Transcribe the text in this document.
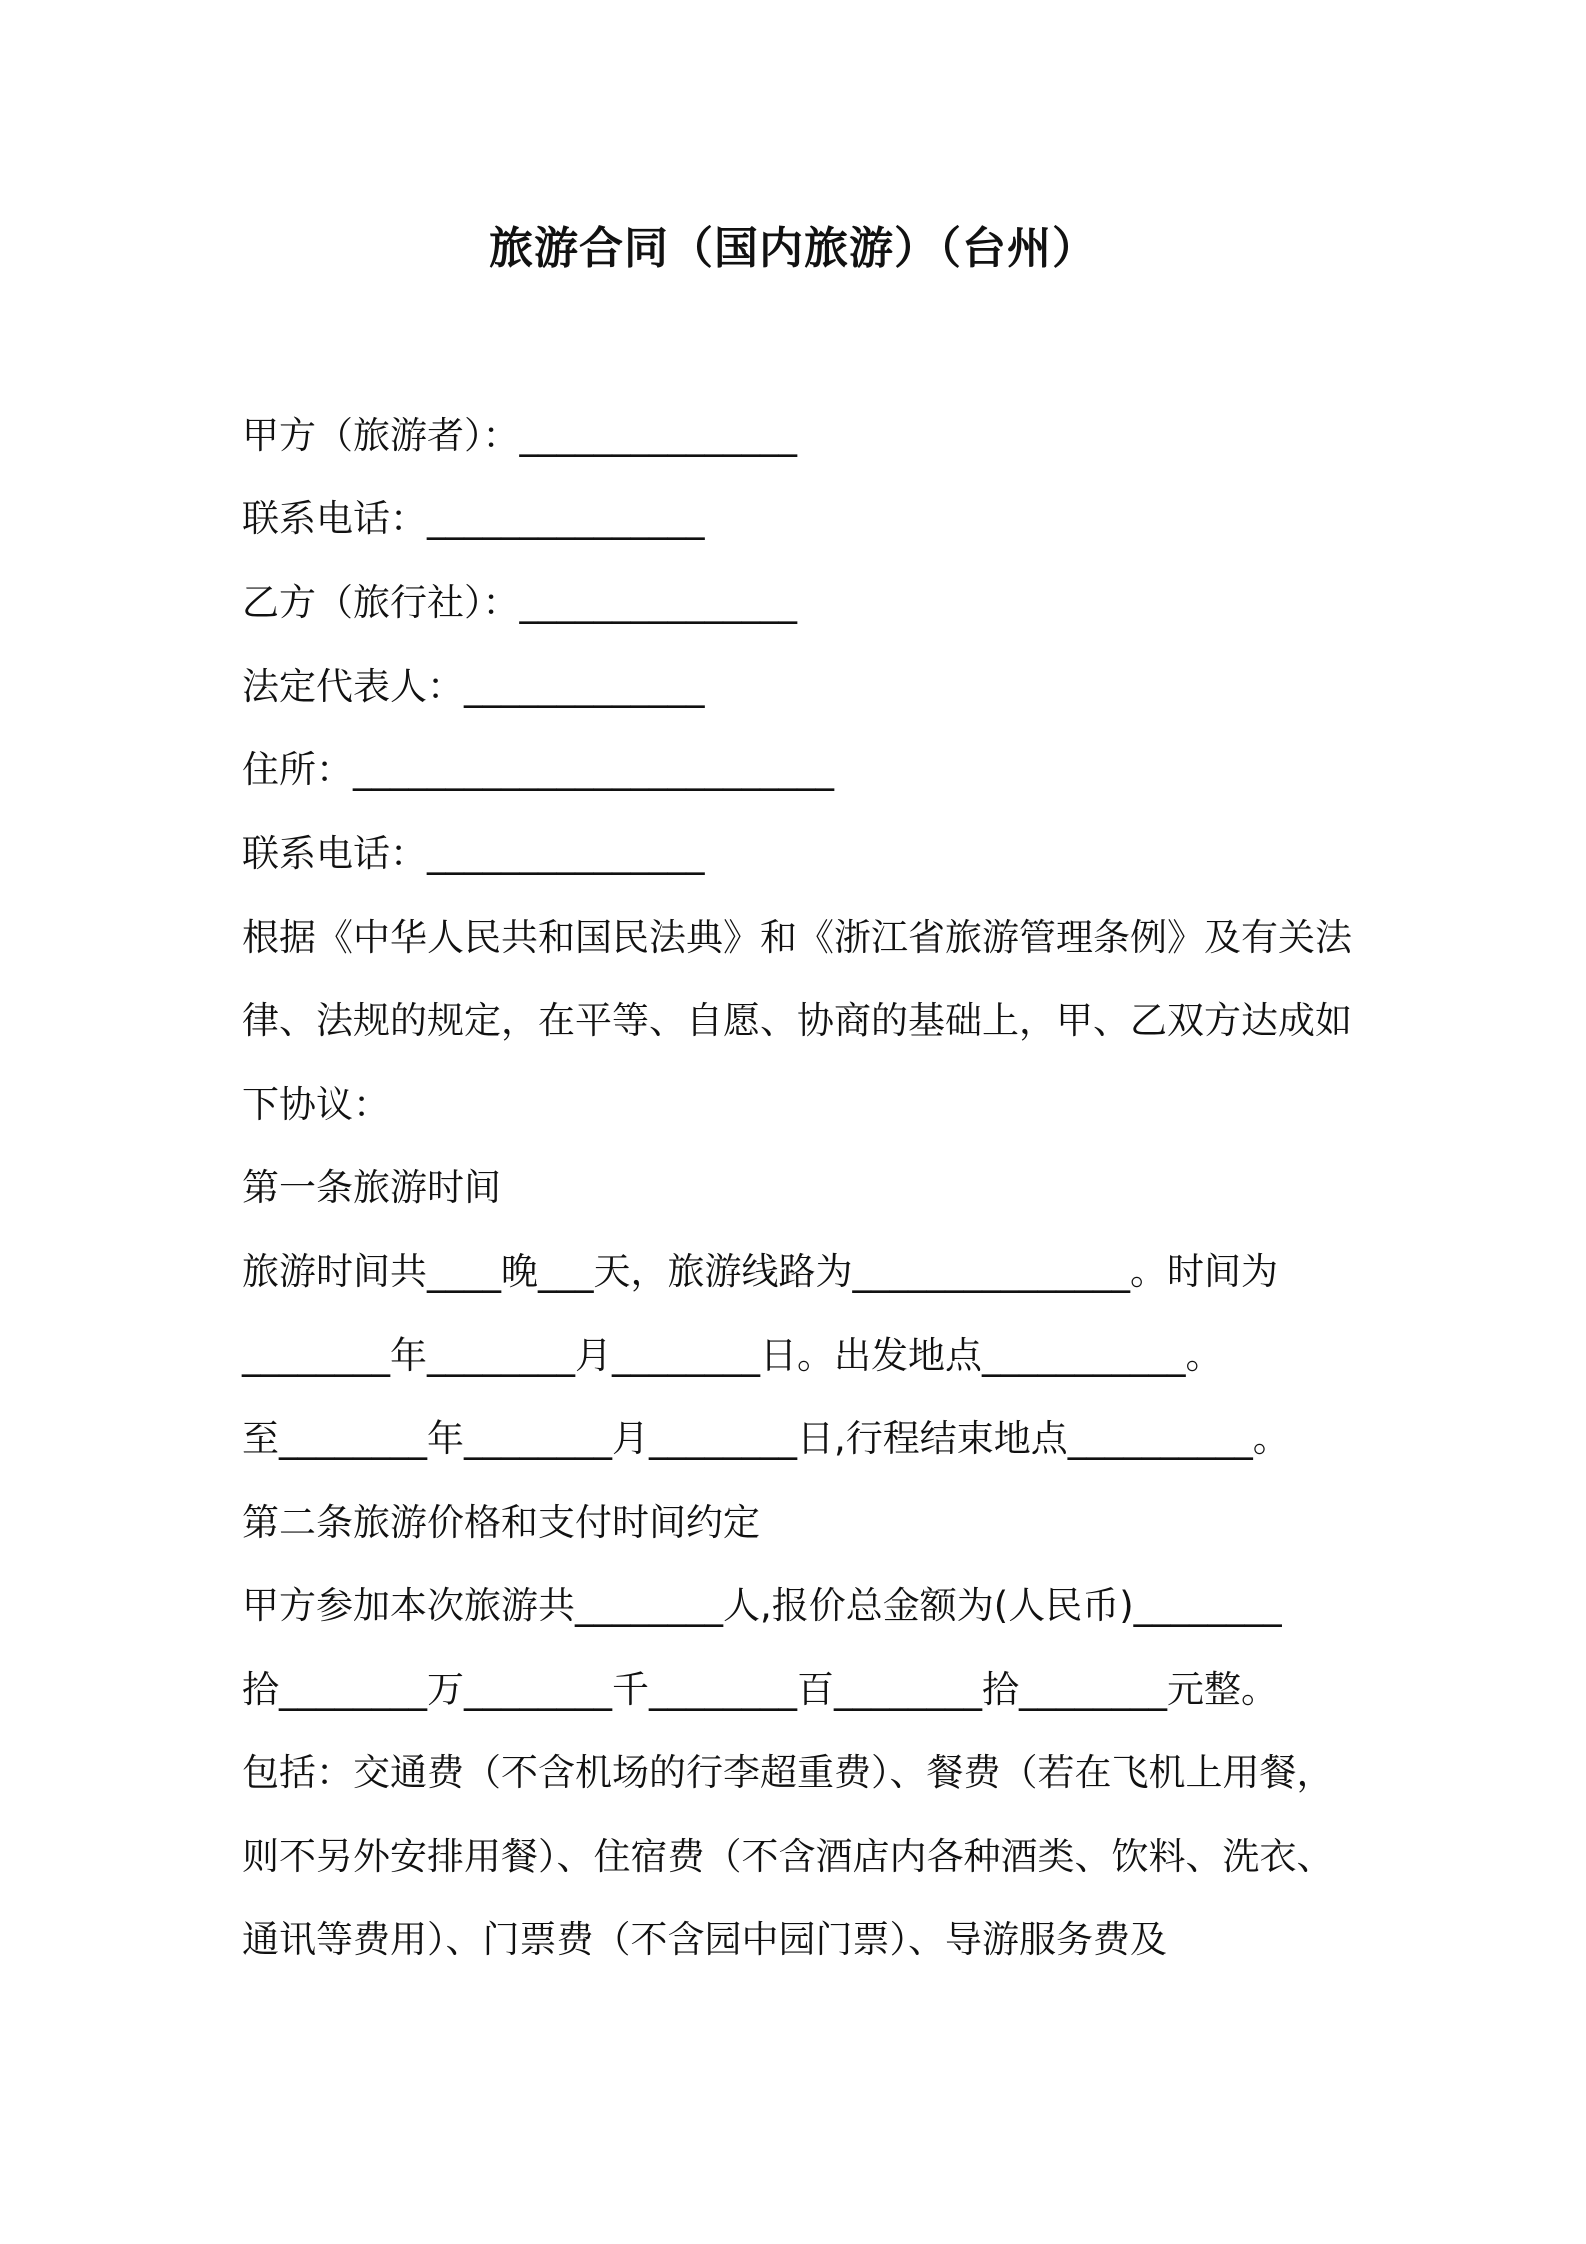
旅游合同（国内旅游）（台州）
甲方（旅游者）：_______________
联系电话：_______________
乙方（旅行社）：_______________
法定代表人：_____________
住所：__________________________
联系电话：_______________
根据《中华人民共和国民法典》和《浙江省旅游管理条例》及有关法
律、法规的规定，在平等、自愿、协商的基础上，甲、乙双方达成如
下协议：
第一条旅游时间
旅游时间共____晚___天，旅游线路为_______________。时间为
________年________月________日。出发地点___________。
至________年________月________日,行程结束地点__________。
第二条旅游价格和支付时间约定
甲方参加本次旅游共________人,报价总金额为(人民币)________
拾________万________千________百________拾________元整。
包括：交通费（不含机场的行李超重费）、餐费（若在飞机上用餐，
则不另外安排用餐）、住宿费（不含酒店内各种酒类、饮料、洗衣、
通讯等费用）、门票费（不含园中园门票）、导游服务费及
